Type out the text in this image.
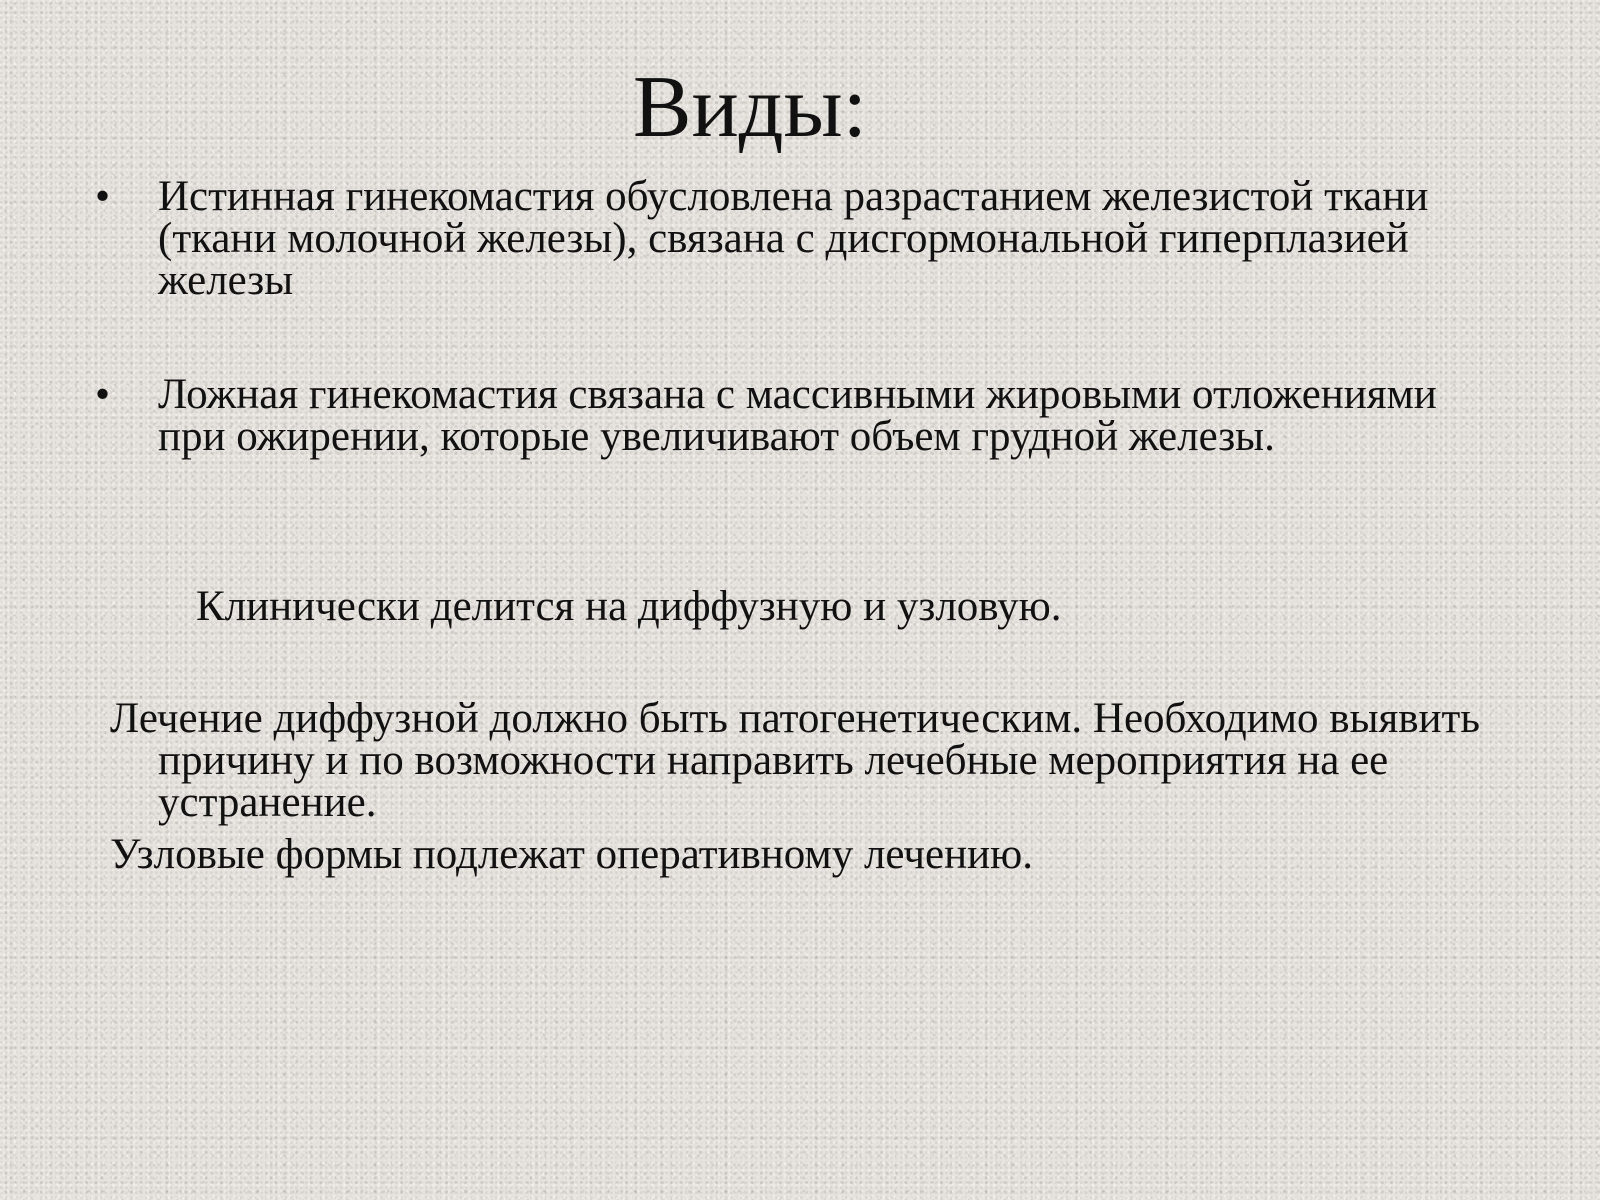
Виды:
•	Истинная гинекомастия обусловлена разрастанием железистой ткани (ткани молочной железы), связана с дисгормональной гиперплазией железы
•	Ложная гинекомастия связана с массивными жировыми отложениями при ожирении, которые увеличивают объем грудной железы.
Клинически делится на диффузную и узловую.
Лечение диффузной должно быть патогенетическим. Необходимо выявить причину и по возможности направить лечебные мероприятия на ее устранение.
Узловые формы подлежат оперативному лечению.
